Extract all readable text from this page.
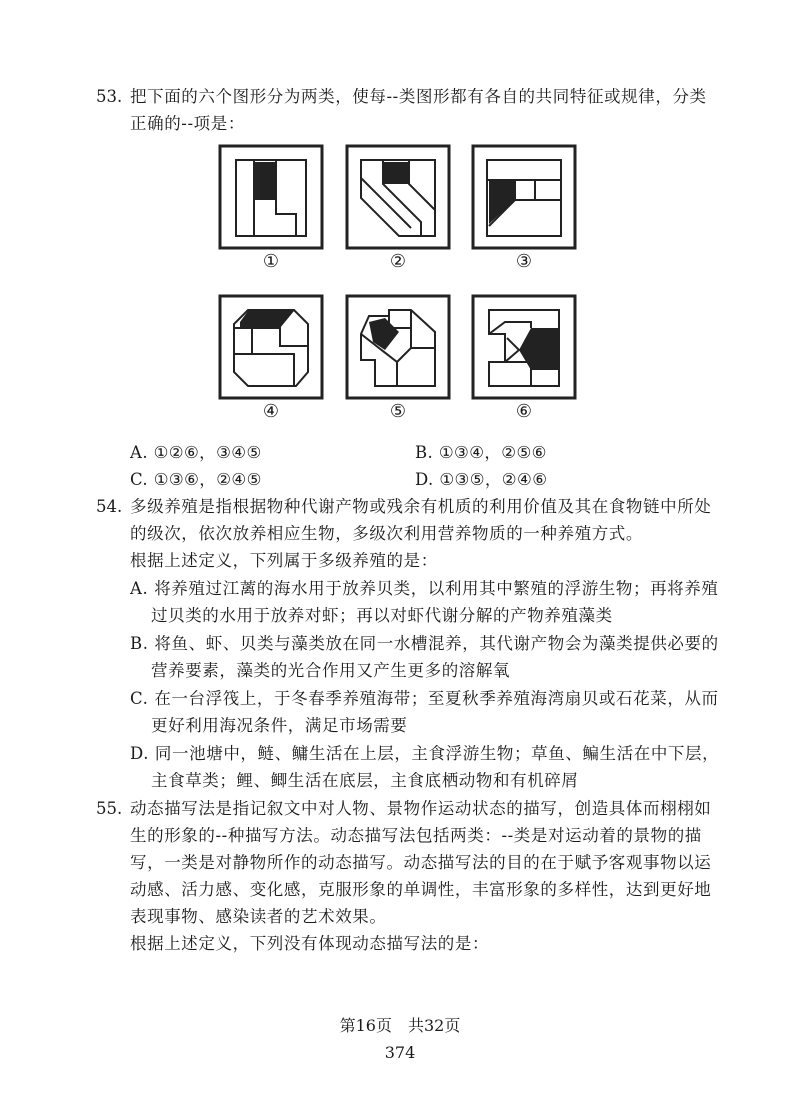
53. 把下面的六个图形分为两类，使每--类图形都有各自的共同特征或规律，分类
正确的--项是：
①	②	③
④	⑤	⑥
A. ①②⑥，③④⑤	B. ①③④，②⑤⑥
C. ①③⑥，②④⑤	D. ①③⑤，②④⑥
54. 多级养殖是指根据物种代谢产物或残余有机质的利用价值及其在食物链中所处
的级次，依次放养相应生物，多级次利用营养物质的一种养殖方式。
根据上述定义，下列属于多级养殖的是：
A. 将养殖过江蓠的海水用于放养贝类，以利用其中繁殖的浮游生物；再将养殖
过贝类的水用于放养对虾；再以对虾代谢分解的产物养殖藻类
B. 将鱼、虾、贝类与藻类放在同一水槽混养，其代谢产物会为藻类提供必要的
营养要素，藻类的光合作用又产生更多的溶解氧
C. 在一台浮筏上，于冬春季养殖海带；至夏秋季养殖海湾扇贝或石花菜，从而
更好利用海况条件，满足市场需要
D. 同一池塘中，鲢、鳙生活在上层，主食浮游生物；草鱼、鳊生活在中下层，
主食草类；鲤、鲫生活在底层，主食底栖动物和有机碎屑
55. 动态描写法是指记叙文中对人物、景物作运动状态的描写，创造具体而栩栩如
生的形象的--种描写方法。动态描写法包括两类：--类是对运动着的景物的描
写，一类是对静物所作的动态描写。动态描写法的目的在于赋予客观事物以运
动感、活力感、变化感，克服形象的单调性，丰富形象的多样性，达到更好地
表现事物、感染读者的艺术效果。
根据上述定义，下列没有体现动态描写法的是：
第16页　共32页
374
